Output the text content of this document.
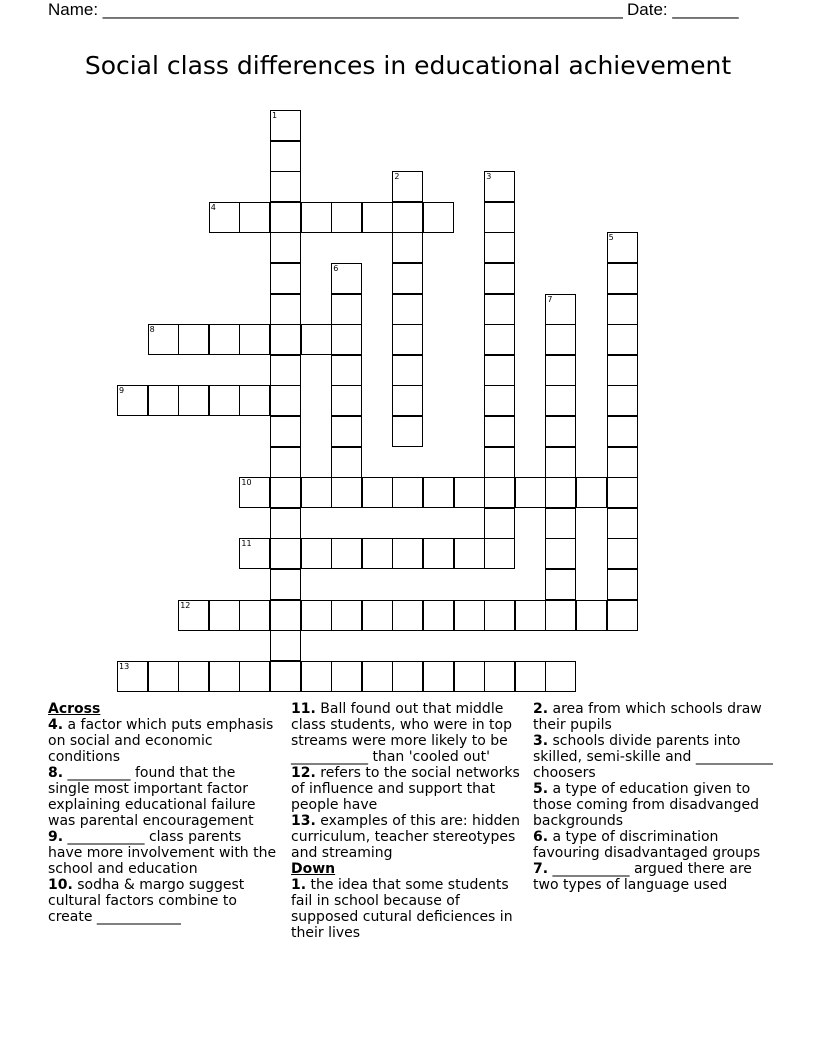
Name: _______________________________________________________ Date: _______
Social class differences in educational achievement
1
2	3
4
5
6
7
8
9
10
11
12
13

Across

4. a factor which puts emphasis on social and economic conditions

8. _________ found that the single most important factor explaining educational failure was parental encouragement

9. ___________ class parents have more involvement with the school and education

10. sodha & margo suggest cultural factors combine to create ____________

11. Ball found out that middle class students, who were in top streams were more likely to be ___________ than 'cooled out'

12. refers to the social networks of influence and support that people have

13. examples of this are: hidden curriculum, teacher stereotypes and streaming

Down

1. the idea that some students fail in school because of supposed cutural deficiences in their lives

2. area from which schools draw their pupils

3. schools divide parents into skilled, semi-skille and ___________ choosers

5. a type of education given to those coming from disadvanged backgrounds

6. a type of discrimination favouring disadvantaged groups

7. ___________ argued there are two types of language used
